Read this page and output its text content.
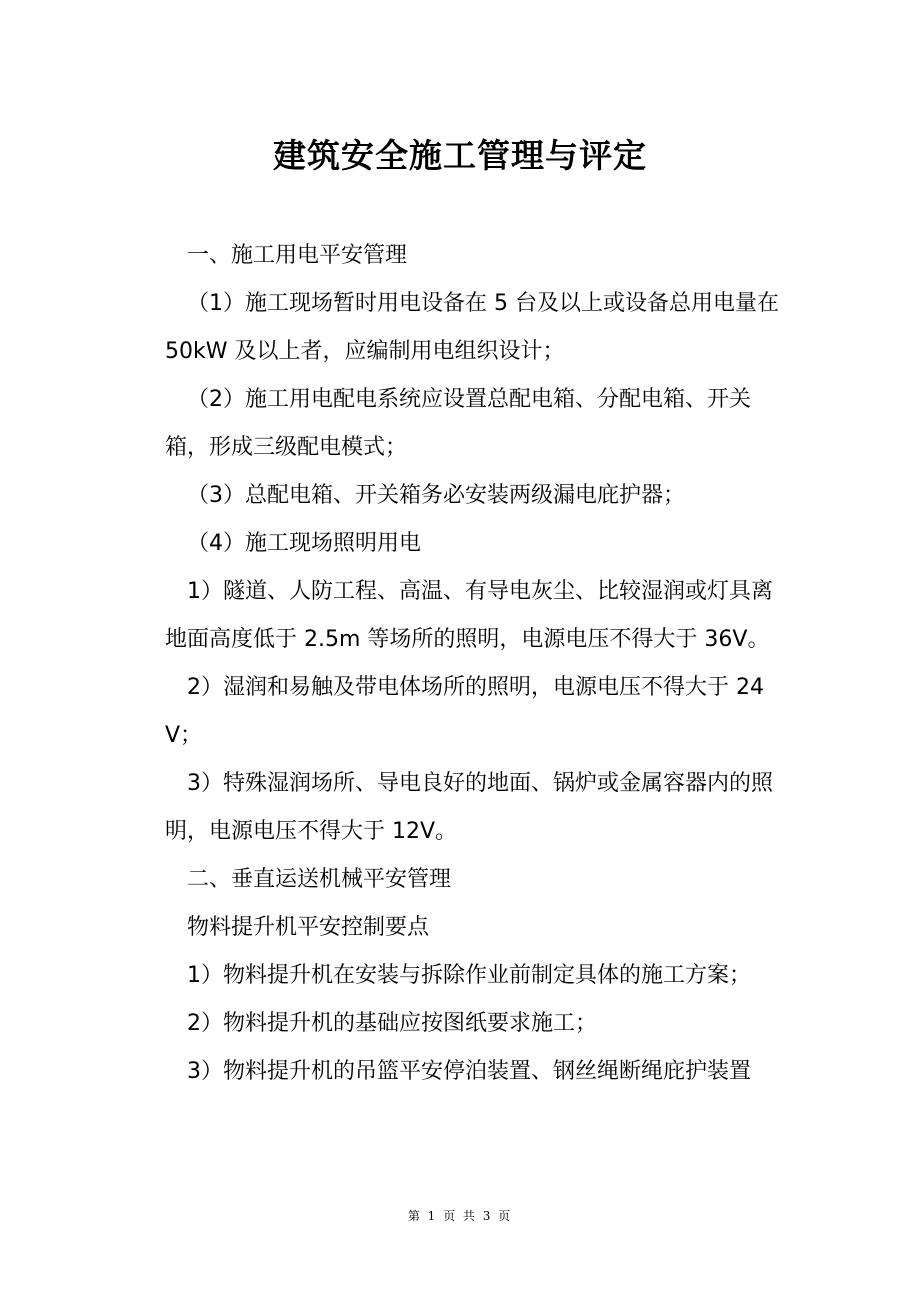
建筑安全施工管理与评定

一、施工用电平安管理

（1）施工现场暂时用电设备在 5 台及以上或设备总用电量在 50kW 及以上者，应编制用电组织设计；

（2）施工用电配电系统应设置总配电箱、分配电箱、开关箱，形成三级配电模式；

（3）总配电箱、开关箱务必安装两级漏电庇护器；

（4）施工现场照明用电

1）隧道、人防工程、高温、有导电灰尘、比较湿润或灯具离地面高度低于 2.5m 等场所的照明，电源电压不得大于 36V。

2）湿润和易触及带电体场所的照明，电源电压不得大于 24V；

3）特殊湿润场所、导电良好的地面、锅炉或金属容器内的照明，电源电压不得大于 12V。

二、垂直运送机械平安管理

物料提升机平安控制要点

1）物料提升机在安装与拆除作业前制定具体的施工方案；

2）物料提升机的基础应按图纸要求施工；

3）物料提升机的吊篮平安停泊装置、钢丝绳断绳庇护装置

第 1 页 共 3 页
